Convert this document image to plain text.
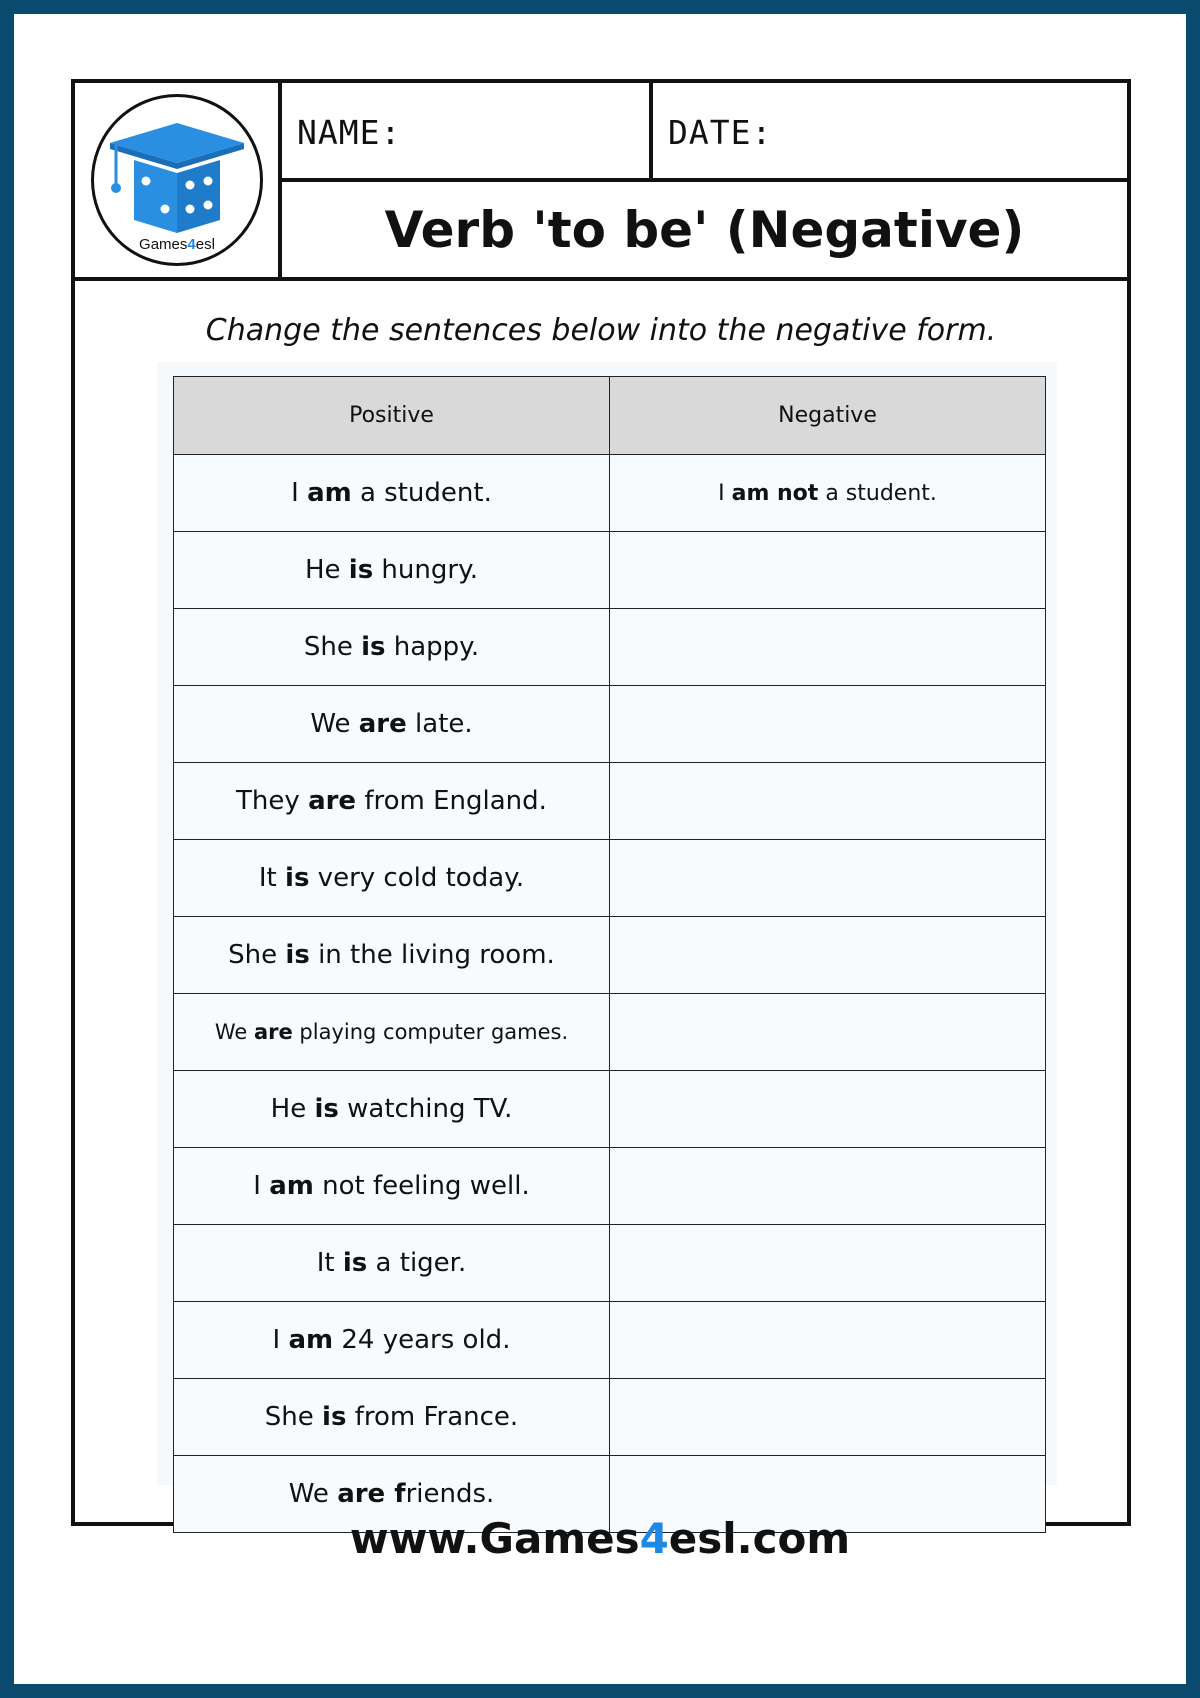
Games4esl
NAME:	DATE:
Verb 'to be' (Negative)
Change the sentences below into the negative form.
Positive	Negative
I am a student.	I am not a student.
He is hungry.	
She is happy.	
We are late.	
They are from England.	
It is very cold today.	
She is in the living room.	
We are playing computer games.	
He is watching TV.	
I am not feeling well.	
It is a tiger.	
I am 24 years old.	
She is from France.	
We are friends.	
www.Games4esl.com
